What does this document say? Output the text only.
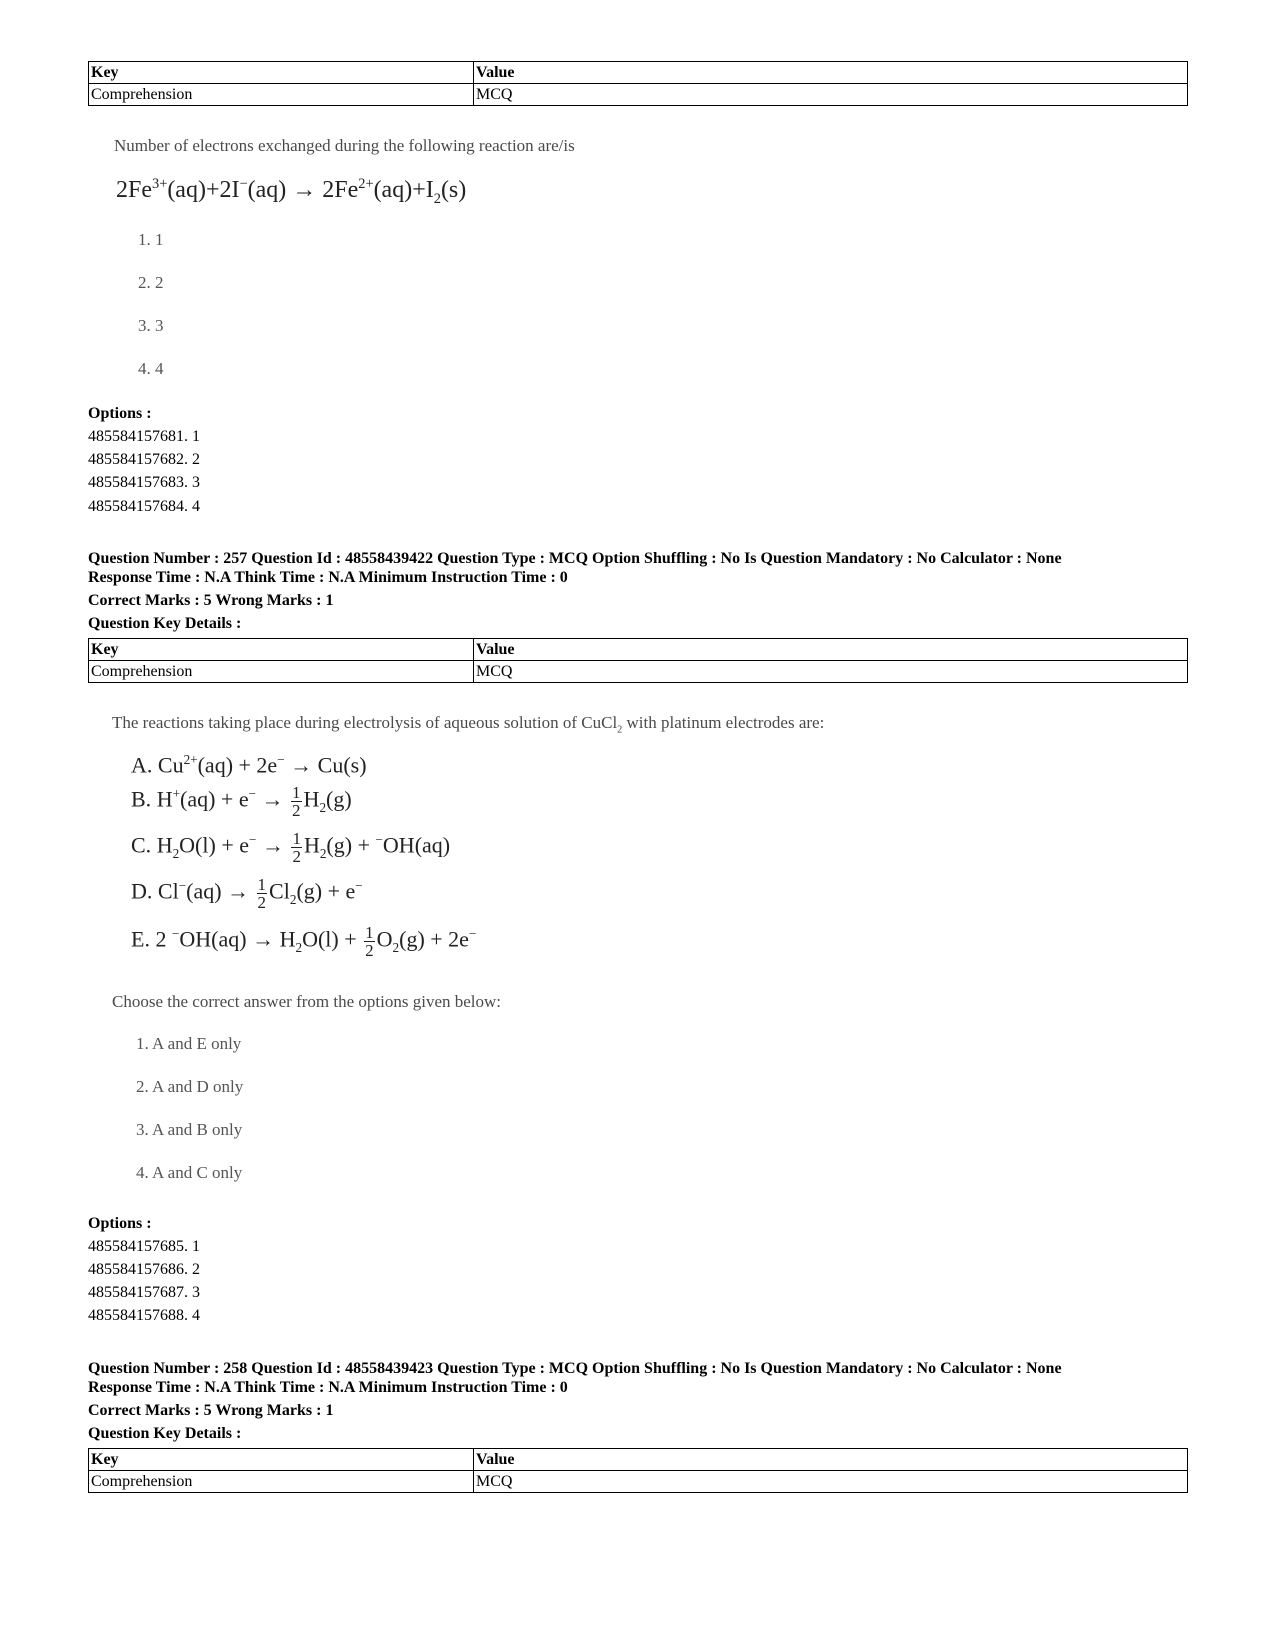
Key	Value
Comprehension	MCQ
Number of electrons exchanged during the following reaction are/is
$2Fe^{3+}(aq)+2I^-(aq) \to 2Fe^{2+}(aq)+I_2(s)$
1. 1
2. 2
3. 3
4. 4
Options :
485584157681. 1
485584157682. 2
485584157683. 3
485584157684. 4
Question Number : 257 Question Id : 48558439422 Question Type : MCQ Option Shuffling : No Is Question Mandatory : No Calculator : None
Response Time : N.A Think Time : N.A Minimum Instruction Time : 0
Correct Marks : 5 Wrong Marks : 1
Question Key Details :
Key	Value
Comprehension	MCQ
The reactions taking place during electrolysis of aqueous solution of CuCl$_2$ with platinum electrodes are:
A. $Cu^{2+}(aq) + 2e^- \to Cu(s)$
B. $H^+(aq) + e^- \to \frac{1}{2} H_2(g)$
C. $H_2O(l) + e^- \to \frac{1}{2} H_2(g) + ^-OH(aq)$
D. $Cl^-(aq) \to \frac{1}{2} Cl_2(g) + e^-$
E. 2 $^-OH(aq) \to H_2O(l) + \frac{1}{2} O_2(g) + 2e^-$
Choose the correct answer from the options given below:
1. A and E only
2. A and D only
3. A and B only
4. A and C only
Options :
485584157685. 1
485584157686. 2
485584157687. 3
485584157688. 4
Question Number : 258 Question Id : 48558439423 Question Type : MCQ Option Shuffling : No Is Question Mandatory : No Calculator : None
Response Time : N.A Think Time : N.A Minimum Instruction Time : 0
Correct Marks : 5 Wrong Marks : 1
Question Key Details :
Key	Value
Comprehension	MCQ
